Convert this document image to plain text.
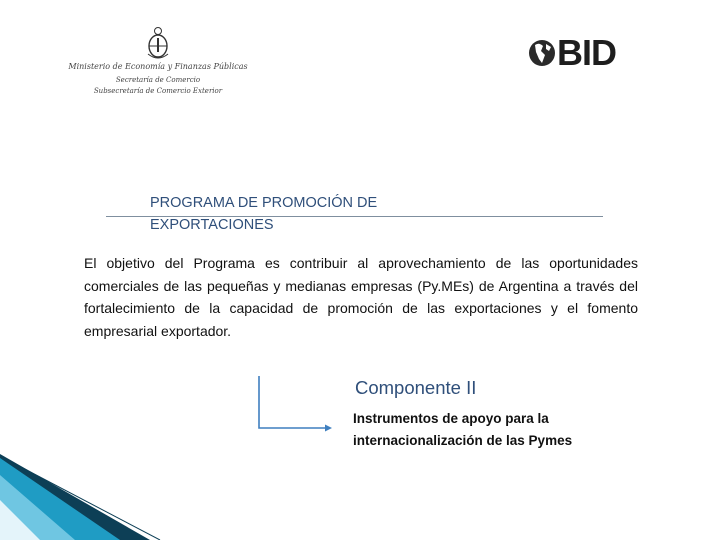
Ministerio de Economía y Finanzas Públicas
Secretaría de Comercio
Subsecretaría de Comercio Exterior
BID
PROGRAMA DE PROMOCIÓN DE EXPORTACIONES
El objetivo del Programa es contribuir al aprovechamiento de las oportunidades comerciales de las pequeñas y medianas empresas (Py.MEs) de Argentina a través del fortalecimiento de la capacidad de promoción de las exportaciones y el fomento empresarial exportador.
Componente II
Instrumentos de apoyo para la internacionalización de las Pymes
